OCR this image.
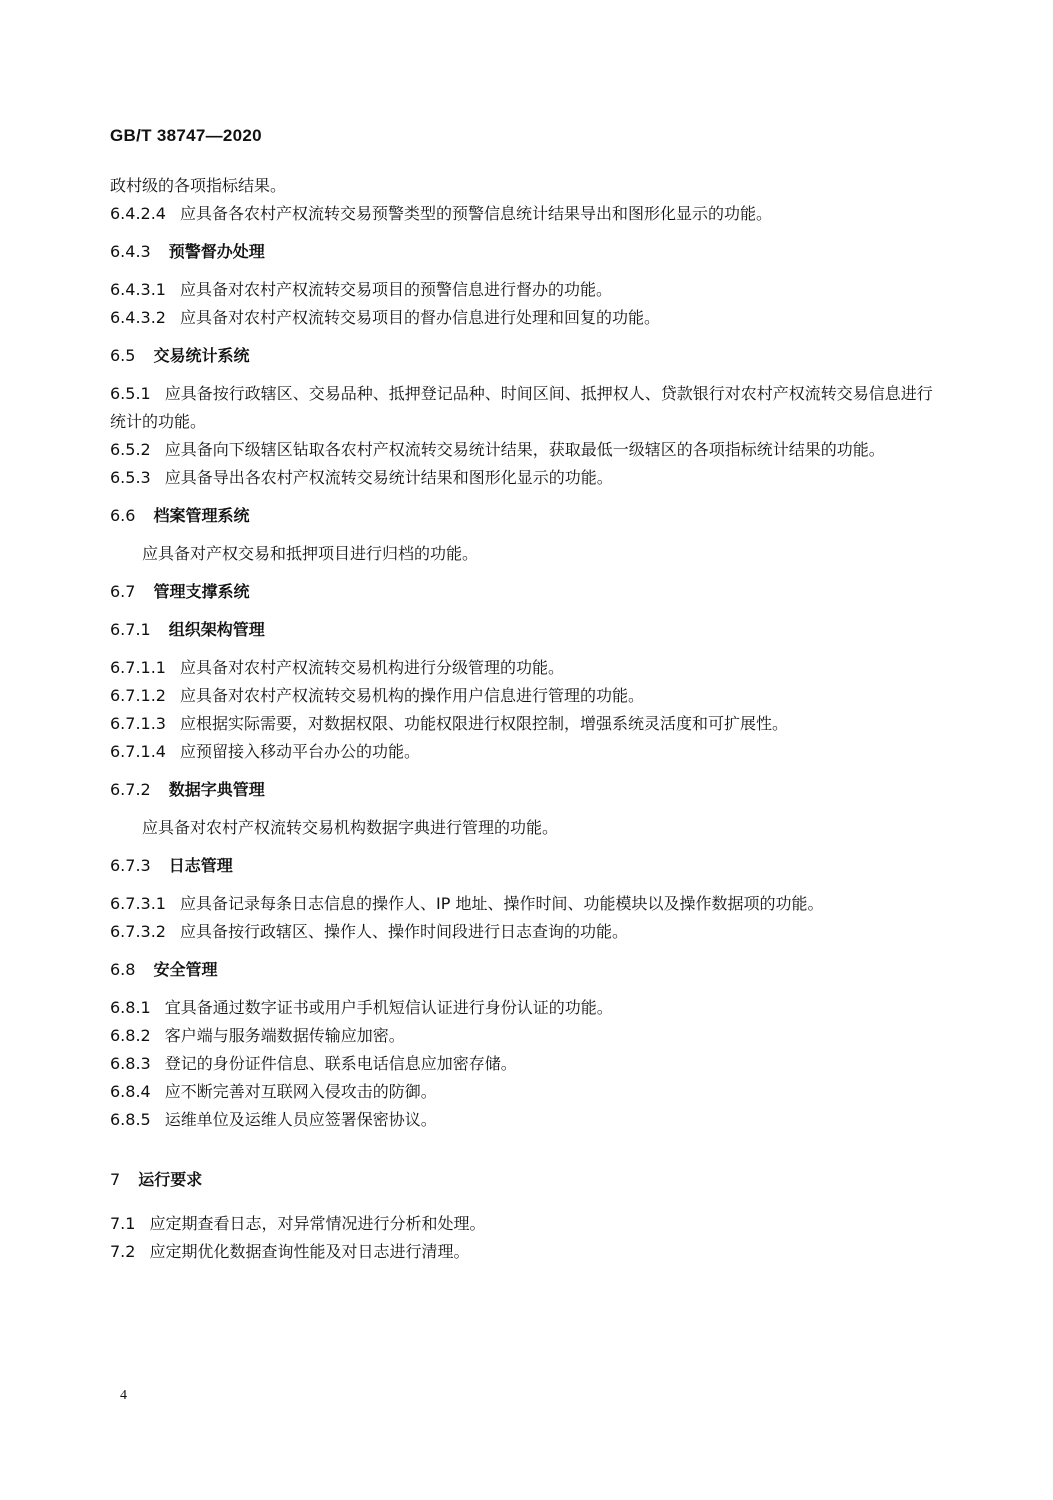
GB/T 38747—2020

政村级的各项指标结果。

6.4.2.4 应具备各农村产权流转交易预警类型的预警信息统计结果导出和图形化显示的功能。

6.4.3 预警督办处理

6.4.3.1 应具备对农村产权流转交易项目的预警信息进行督办的功能。

6.4.3.2 应具备对农村产权流转交易项目的督办信息进行处理和回复的功能。

6.5 交易统计系统

6.5.1 应具备按行政辖区、交易品种、抵押登记品种、时间区间、抵押权人、贷款银行对农村产权流转交易信息进行统计的功能。

6.5.2 应具备向下级辖区钻取各农村产权流转交易统计结果，获取最低一级辖区的各项指标统计结果的功能。

6.5.3 应具备导出各农村产权流转交易统计结果和图形化显示的功能。

6.6 档案管理系统

应具备对产权交易和抵押项目进行归档的功能。

6.7 管理支撑系统

6.7.1 组织架构管理

6.7.1.1 应具备对农村产权流转交易机构进行分级管理的功能。

6.7.1.2 应具备对农村产权流转交易机构的操作用户信息进行管理的功能。

6.7.1.3 应根据实际需要，对数据权限、功能权限进行权限控制，增强系统灵活度和可扩展性。

6.7.1.4 应预留接入移动平台办公的功能。

6.7.2 数据字典管理

应具备对农村产权流转交易机构数据字典进行管理的功能。

6.7.3 日志管理

6.7.3.1 应具备记录每条日志信息的操作人、IP 地址、操作时间、功能模块以及操作数据项的功能。

6.7.3.2 应具备按行政辖区、操作人、操作时间段进行日志查询的功能。

6.8 安全管理

6.8.1 宜具备通过数字证书或用户手机短信认证进行身份认证的功能。

6.8.2 客户端与服务端数据传输应加密。

6.8.3 登记的身份证件信息、联系电话信息应加密存储。

6.8.4 应不断完善对互联网入侵攻击的防御。

6.8.5 运维单位及运维人员应签署保密协议。

7 运行要求

7.1 应定期查看日志，对异常情况进行分析和处理。

7.2 应定期优化数据查询性能及对日志进行清理。

4
